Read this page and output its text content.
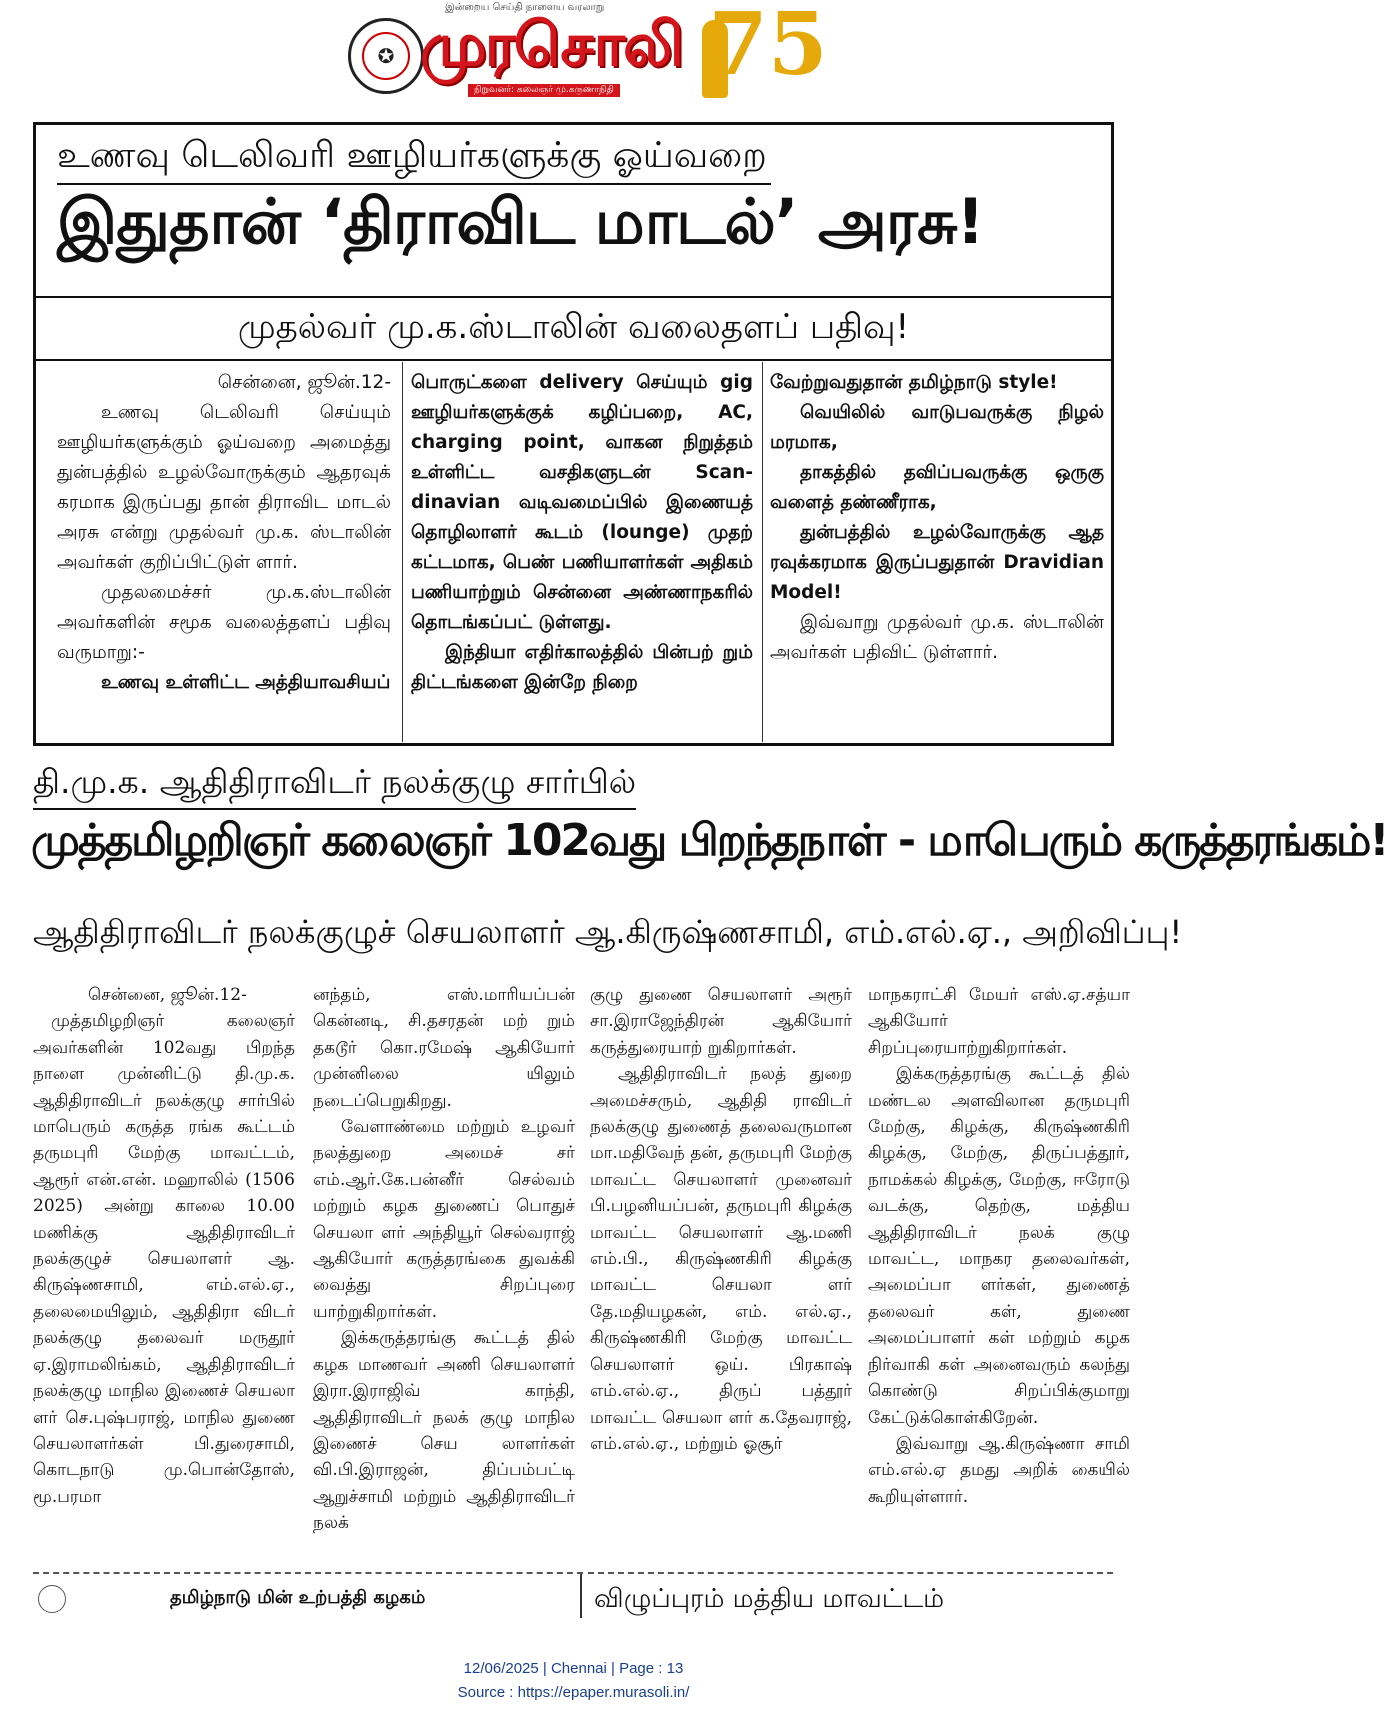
இன்றைய செய்தி நாளைய வரலாறு
✪ முரசொலி
நிறுவனர்: கலைஞர் மு.கருணாநிதி 75
உணவு டெலிவரி ஊழியர்களுக்கு ஓய்வறை
இதுதான் ‘திராவிட மாடல்’ அரசு!
முதல்வர் மு.க.ஸ்டாலின் வலைதளப் பதிவு!

சென்னை, ஜூன்.12-

உணவு டெலிவரி செய்யும் ஊழியர்களுக்கும் ஓய்வறை அமைத்து துன்பத்தில் உழல்வோருக்கும் ஆதரவுக் கரமாக இருப்பது தான் திராவிட மாடல் அரசு என்று முதல்வர் மு.க. ஸ்டாலின் அவர்கள் குறிப்பிட்டுள் ளார்.

முதலமைச்சர் மு.க.ஸ்டாலின் அவர்களின் சமூக வலைத்தளப் பதிவு வருமாறு:-

உணவு உள்ளிட்ட அத்தியாவசியப்

பொருட்களை delivery செய்யும் gig ஊழியர்களுக்குக் கழிப்பறை, AC, charging point, வாகன நிறுத்தம் உள்ளிட்ட வசதிகளுடன் Scan-dinavian வடிவமைப்பில் இணையத் தொழிலாளர் கூடம் (lounge) முதற் கட்டமாக, பெண் பணியாளர்கள் அதிகம் பணியாற்றும் சென்னை அண்ணாநகரில் தொடங்கப்பட் டுள்ளது.

இந்தியா எதிர்காலத்தில் பின்பற் றும் திட்டங்களை இன்றே நிறை

வேற்றுவதுதான் தமிழ்நாடு style!

வெயிலில் வாடுபவருக்கு நிழல் மரமாக,

தாகத்தில் தவிப்பவருக்கு ஒருகு வளைத் தண்ணீராக,

துன்பத்தில் உழல்வோருக்கு ஆத ரவுக்கரமாக இருப்பதுதான் Dravidian Model!

இவ்வாறு முதல்வர் மு.க. ஸ்டாலின் அவர்கள் பதிவிட் டுள்ளார்.

தி.மு.க. ஆதிதிராவிடர் நலக்குழு சார்பில்
முத்தமிழறிஞர் கலைஞர் 102வது பிறந்தநாள் - மாபெரும் கருத்தரங்கம்!
ஆதிதிராவிடர் நலக்குழுச் செயலாளர் ஆ.கிருஷ்ணசாமி, எம்.எல்.ஏ., அறிவிப்பு!

சென்னை, ஜூன்.12-

முத்தமிழறிஞர் கலைஞர் அவர்களின் 102வது பிறந்த நாளை முன்னிட்டு தி.மு.க. ஆதிதிராவிடர் நலக்குழு சார்பில் மாபெரும் கருத்த ரங்க கூட்டம் தருமபுரி மேற்கு மாவட்டம், ஆரூர் என்.என். மஹாலில் (1506 2025) அன்று காலை 10.00 மணிக்கு ஆதிதிராவிடர் நலக்குழுச் செயலாளர் ஆ. கிருஷ்ணசாமி, எம்.எல்.ஏ., தலைமையிலும், ஆதிதிரா விடர் நலக்குழு தலைவர் மருதூர் ஏ.இராமலிங்கம், ஆதிதிராவிடர் நலக்குழு மாநில இணைச் செயலா ளர் செ.புஷ்பராஜ், மாநில துணை செயலாளர்கள் பி.துரைசாமி, கொடநாடு மு.பொன்தோஸ், மூ.பரமா

னந்தம், எஸ்.மாரியப்பன் கென்னடி, சி.தசரதன் மற் றும் தகடூர் கொ.ரமேஷ் ஆகியோர் முன்னிலை யிலும் நடைப்பெறுகிறது.

வேளாண்மை மற்றும் உழவர் நலத்துறை அமைச் சர் எம்.ஆர்.கே.பன்னீர் செல்வம் மற்றும் கழக துணைப் பொதுச் செயலா ளர் அந்தியூர் செல்வராஜ் ஆகியோர் கருத்தரங்கை துவக்கி வைத்து சிறப்புரை யாற்றுகிறார்கள்.

இக்கருத்தரங்கு கூட்டத் தில் கழக மாணவர் அணி செயலாளர் இரா.இராஜிவ் காந்தி, ஆதிதிராவிடர் நலக் குழு மாநில இணைச் செய லாளர்கள் வி.பி.இராஜன், திப்பம்பட்டி ஆறுச்சாமி மற்றும் ஆதிதிராவிடர் நலக்

குழு துணை செயலாளர் அரூர் சா.இராஜேந்திரன் ஆகியோர் கருத்துரையாற் றுகிறார்கள்.

ஆதிதிராவிடர் நலத் துறை அமைச்சரும், ஆதிதி ராவிடர் நலக்குழு துணைத் தலைவருமான மா.மதிவேந் தன், தருமபுரி மேற்கு மாவட்ட செயலாளர் முனைவர் பி.பழனியப்பன், தருமபுரி கிழக்கு மாவட்ட செயலாளர் ஆ.மணி எம்.பி., கிருஷ்ணகிரி கிழக்கு மாவட்ட செயலா ளர் தே.மதியழகன், எம். எல்.ஏ., கிருஷ்ணகிரி மேற்கு மாவட்ட செயலாளர் ஒய். பிரகாஷ் எம்.எல்.ஏ., திருப் பத்தூர் மாவட்ட செயலா ளர் க.தேவராஜ், எம்.எல்.ஏ., மற்றும் ஓசூர்

மாநகராட்சி மேயர் எஸ்.ஏ.சத்யா ஆகியோர் சிறப்புரையாற்றுகிறார்கள்.

இக்கருத்தரங்கு கூட்டத் தில் மண்டல அளவிலான தருமபுரி மேற்கு, கிழக்கு, கிருஷ்ணகிரி கிழக்கு, மேற்கு, திருப்பத்தூர், நாமக்கல் கிழக்கு, மேற்கு, ஈரோடு வடக்கு, தெற்கு, மத்திய ஆதிதிராவிடர் நலக் குழு மாவட்ட, மாநகர தலைவர்கள், அமைப்பா ளர்கள், துணைத் தலைவர் கள், துணை அமைப்பாளர் கள் மற்றும் கழக நிர்வாகி கள் அனைவரும் கலந்து கொண்டு சிறப்பிக்குமாறு கேட்டுக்கொள்கிறேன்.

இவ்வாறு ஆ.கிருஷ்ணா சாமி எம்.எல்.ஏ தமது அறிக் கையில் கூறியுள்ளார்.

தமிழ்நாடு மின் உற்பத்தி கழகம்	விழுப்புரம் மத்திய மாவட்டம்
12/06/2025 | Chennai | Page : 13
Source : https://epaper.murasoli.in/
